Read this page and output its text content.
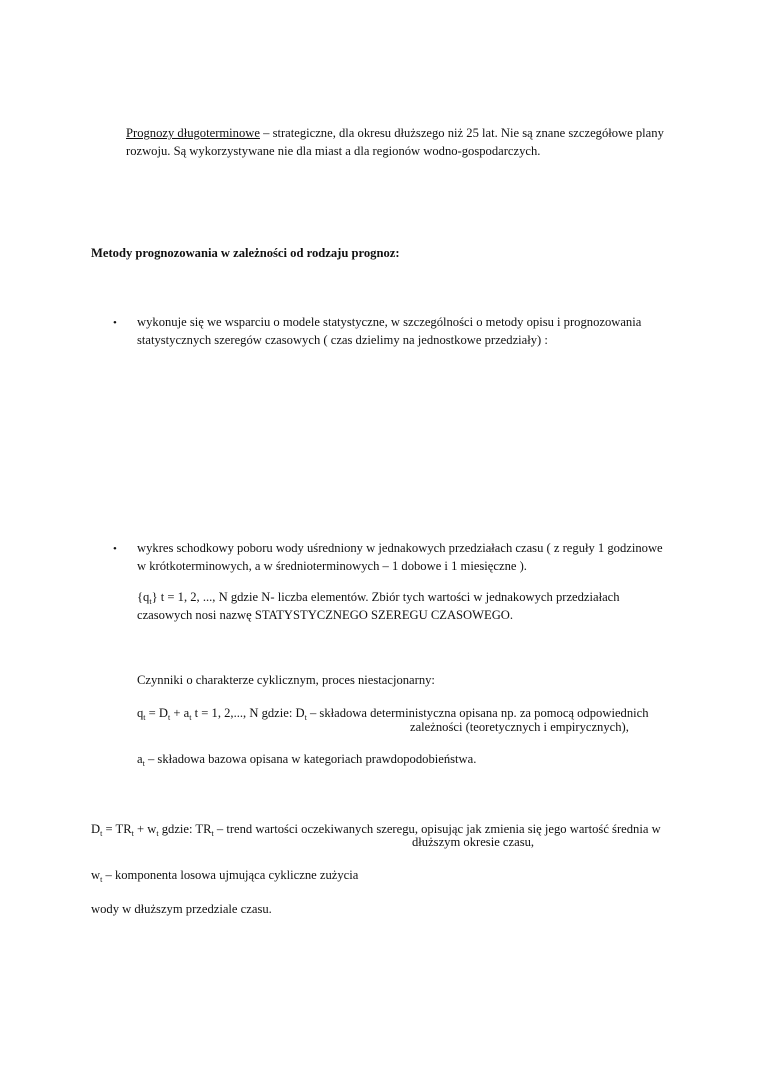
Prognozy długoterminowe – strategiczne, dla okresu dłuższego niż 25 lat. Nie są znane szczegółowe plany
rozwoju. Są wykorzystywane nie dla miast a dla regionów wodno-gospodarczych.
Metody prognozowania w zależności od rodzaju prognoz:
• wykonuje się we wsparciu o modele statystyczne, w szczególności o metody opisu i prognozowania
statystycznych szeregów czasowych ( czas dzielimy na jednostkowe przedziały) :
• wykres schodkowy poboru wody uśredniony w jednakowych przedziałach czasu ( z reguły 1 godzinowe
w krótkoterminowych, a w średnioterminowych – 1 dobowe i 1 miesięczne ).
$\{q_t\} t = 1$, 2, ..., N gdzie N- liczba elementów. Zbiór tych wartości w jednakowych przedziałach
czasowych nosi nazwę STATYSTYCZNEGO SZEREGU CZASOWEGO.
Czynniki o charakterze cyklicznym, proces niestacjonarny:
$q_t = D_t + a_t$ t = 1, 2,..., N gdzie: $D_t$ – składowa deterministyczna opisana np. za pomocą odpowiednich
zależności (teoretycznych i empirycznych),
$a_t$ – składowa bazowa opisana w kategoriach prawdopodobieństwa.
$D_t = TR_t + w_t$ gdzie: $TR_t$ – trend wartości oczekiwanych szeregu, opisując jak zmienia się jego wartość średnia w
dłuższym okresie czasu,
$w_t$ – komponenta losowa ujmująca cykliczne zużycia
wody w dłuższym przedziale czasu.
